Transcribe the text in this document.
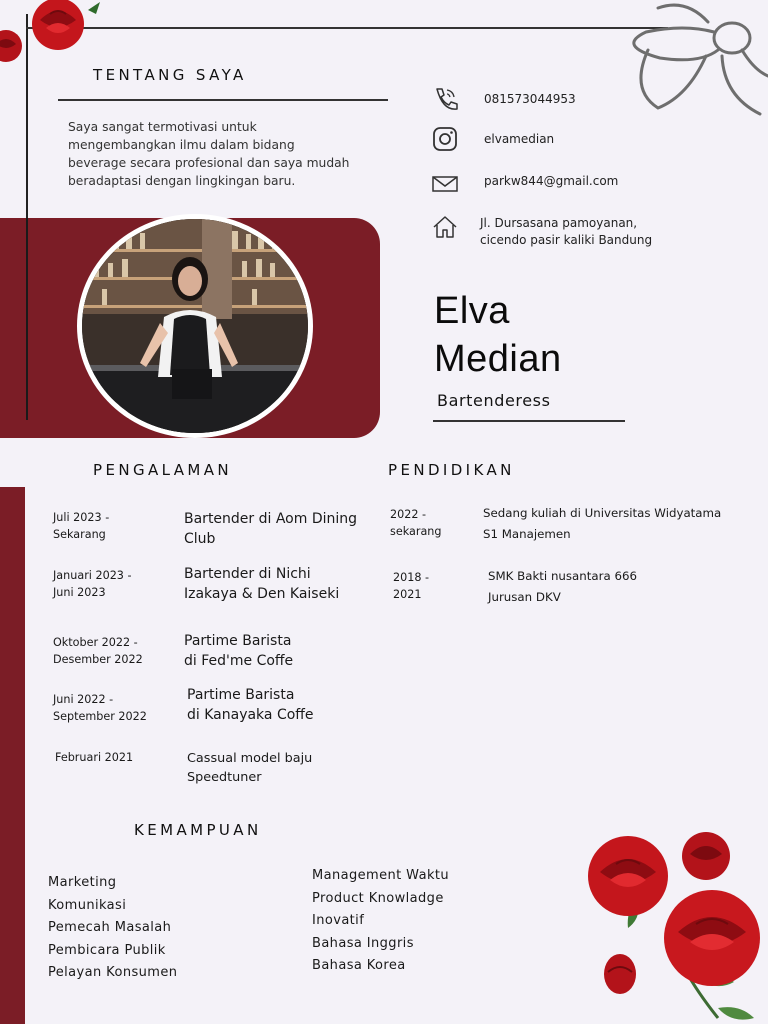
TENTANG SAYA
Saya sangat termotivasi untuk
mengembangkan ilmu dalam bidang
beverage secara profesional dan saya mudah
beradaptasi dengan lingkingan baru.
081573044953
elvamedian
parkw844@gmail.com
Jl. Dursasana pamoyanan,
cicendo pasir kaliki Bandung
Elva
Median
Bartenderess
PENGALAMAN
Juli 2023 -
Sekarang
Bartender di Aom Dining
Club
Januari 2023 -
Juni 2023
Bartender di Nichi
Izakaya & Den Kaiseki
Oktober 2022 -
Desember 2022
Partime Barista
di Fed'me Coffe
Juni 2022 -
September 2022
Partime Barista
di Kanayaka Coffe
Februari 2021	Cassual model baju
Speedtuner
PENDIDIKAN
2022 -
sekarang
Sedang kuliah di Universitas Widyatama
S1 Manajemen
2018 -
2021
SMK Bakti nusantara 666
Jurusan DKV
KEMAMPUAN
Marketing
Komunikasi
Pemecah Masalah
Pembicara Publik
Pelayan Konsumen
Management Waktu
Product Knowladge
Inovatif
Bahasa Inggris
Bahasa Korea
